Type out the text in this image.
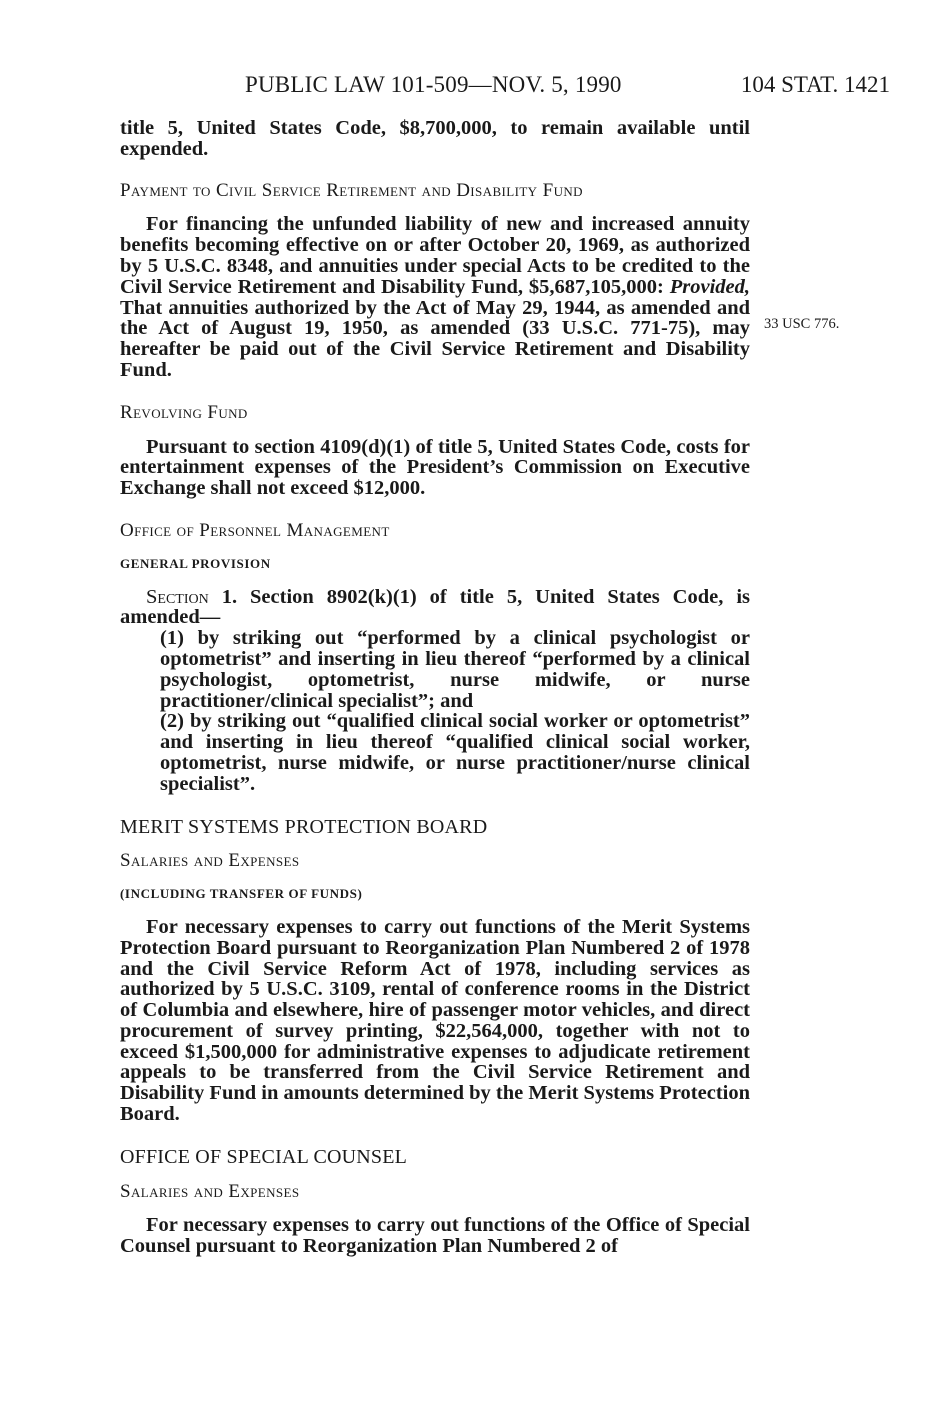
PUBLIC LAW 101-509—NOV. 5, 1990	104 STAT. 1421
33 USC 776.

title 5, United States Code, $8,700,000, to remain available until expended.

Payment to Civil Service Retirement and Disability Fund

For financing the unfunded liability of new and increased annuity benefits becoming effective on or after October 20, 1969, as authorized by 5 U.S.C. 8348, and annuities under special Acts to be credited to the Civil Service Retirement and Disability Fund, $5,687,105,000: Provided, That annuities authorized by the Act of May 29, 1944, as amended and the Act of August 19, 1950, as amended (33 U.S.C. 771-75), may hereafter be paid out of the Civil Service Retirement and Disability Fund.

Revolving Fund

Pursuant to section 4109(d)(1) of title 5, United States Code, costs for entertainment expenses of the President’s Commission on Executive Exchange shall not exceed $12,000.

Office of Personnel Management

GENERAL PROVISION

Section 1. Section 8902(k)(1) of title 5, United States Code, is amended—

(1) by striking out “performed by a clinical psychologist or optometrist” and inserting in lieu thereof “performed by a clinical psychologist, optometrist, nurse midwife, or nurse practitioner/clinical specialist”; and

(2) by striking out “qualified clinical social worker or optometrist” and inserting in lieu thereof “qualified clinical social worker, optometrist, nurse midwife, or nurse practitioner/nurse clinical specialist”.

MERIT SYSTEMS PROTECTION BOARD

Salaries and Expenses

(INCLUDING TRANSFER OF FUNDS)

For necessary expenses to carry out functions of the Merit Systems Protection Board pursuant to Reorganization Plan Numbered 2 of 1978 and the Civil Service Reform Act of 1978, including services as authorized by 5 U.S.C. 3109, rental of conference rooms in the District of Columbia and elsewhere, hire of passenger motor vehicles, and direct procurement of survey printing, $22,564,000, together with not to exceed $1,500,000 for administrative expenses to adjudicate retirement appeals to be transferred from the Civil Service Retirement and Disability Fund in amounts determined by the Merit Systems Protection Board.

OFFICE OF SPECIAL COUNSEL

Salaries and Expenses

For necessary expenses to carry out functions of the Office of Special Counsel pursuant to Reorganization Plan Numbered 2 of
